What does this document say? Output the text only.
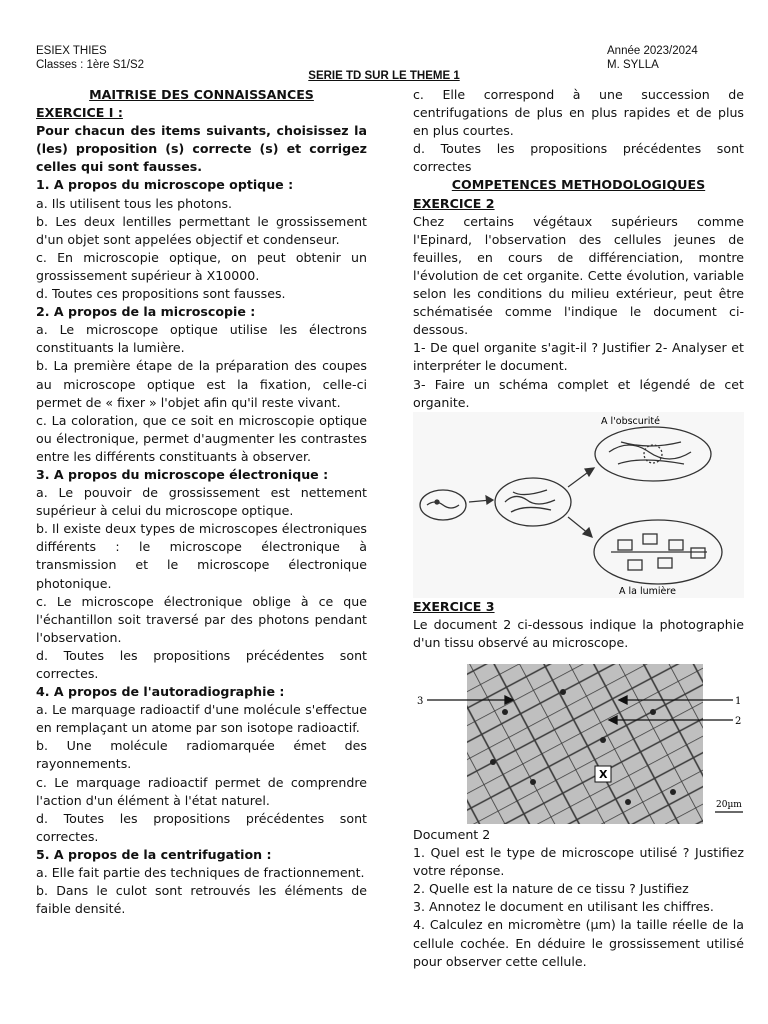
ESIEX THIES
Classes : 1ère S1/S2
Année 2023/2024
M. SYLLA
SERIE TD SUR LE THEME 1

MAITRISE DES CONNAISSANCES

EXERCICE I :

Pour chacun des items suivants, choisissez la (les) proposition (s) correcte (s) et corrigez celles qui sont fausses.

1. A propos du microscope optique :

a. Ils utilisent tous les photons.

b. Les deux lentilles permettant le grossissement d'un objet sont appelées objectif et condenseur.

c. En microscopie optique, on peut obtenir un grossissement supérieur à X10000.

d. Toutes ces propositions sont fausses.

2. A propos de la microscopie :

a. Le microscope optique utilise les électrons constituants la lumière.

b. La première étape de la préparation des coupes au microscope optique est la fixation, celle-ci permet de « fixer » l'objet afin qu'il reste vivant.

c. La coloration, que ce soit en microscopie optique ou électronique, permet d'augmenter les contrastes entre les différents constituants à observer.

3. A propos du microscope électronique :

a. Le pouvoir de grossissement est nettement supérieur à celui du microscope optique.

b. Il existe deux types de microscopes électroniques différents : le microscope électronique à transmission et le microscope électronique photonique.

c. Le microscope électronique oblige à ce que l'échantillon soit traversé par des photons pendant l'observation.

d. Toutes les propositions précédentes sont correctes.

4. A propos de l'autoradiographie :

a. Le marquage radioactif d'une molécule s'effectue en remplaçant un atome par son isotope radioactif.

b. Une molécule radiomarquée émet des rayonnements.

c. Le marquage radioactif permet de comprendre l'action d'un élément à l'état naturel.

d. Toutes les propositions précédentes sont correctes.

5. A propos de la centrifugation :

a. Elle fait partie des techniques de fractionnement.

b. Dans le culot sont retrouvés les éléments de faible densité.

c. Elle correspond à une succession de centrifugations de plus en plus rapides et de plus en plus courtes.

d. Toutes les propositions précédentes sont correctes

COMPETENCES METHODOLOGIQUES

EXERCICE 2

Chez certains végétaux supérieurs comme l'Epinard, l'observation des cellules jeunes de feuilles, en cours de différenciation, montre l'évolution de cet organite. Cette évolution, variable selon les conditions du milieu extérieur, peut être schématisée comme l'indique le document ci-dessous.

1- De quel organite s'agit-il ? Justifier 2- Analyser et interpréter le document.

3- Faire un schéma complet et légendé de cet organite.

A l'obscurité
A la lumière

EXERCICE 3

Le document 2 ci-dessous indique la photographie d'un tissu observé au microscope.

3	1
2
X
20µm

Document 2

1. Quel est le type de microscope utilisé ? Justifiez votre réponse.

2. Quelle est la nature de ce tissu ? Justifiez

3. Annotez le document en utilisant les chiffres.

4. Calculez en micromètre (µm) la taille réelle de la cellule cochée. En déduire le grossissement utilisé pour observer cette cellule.
